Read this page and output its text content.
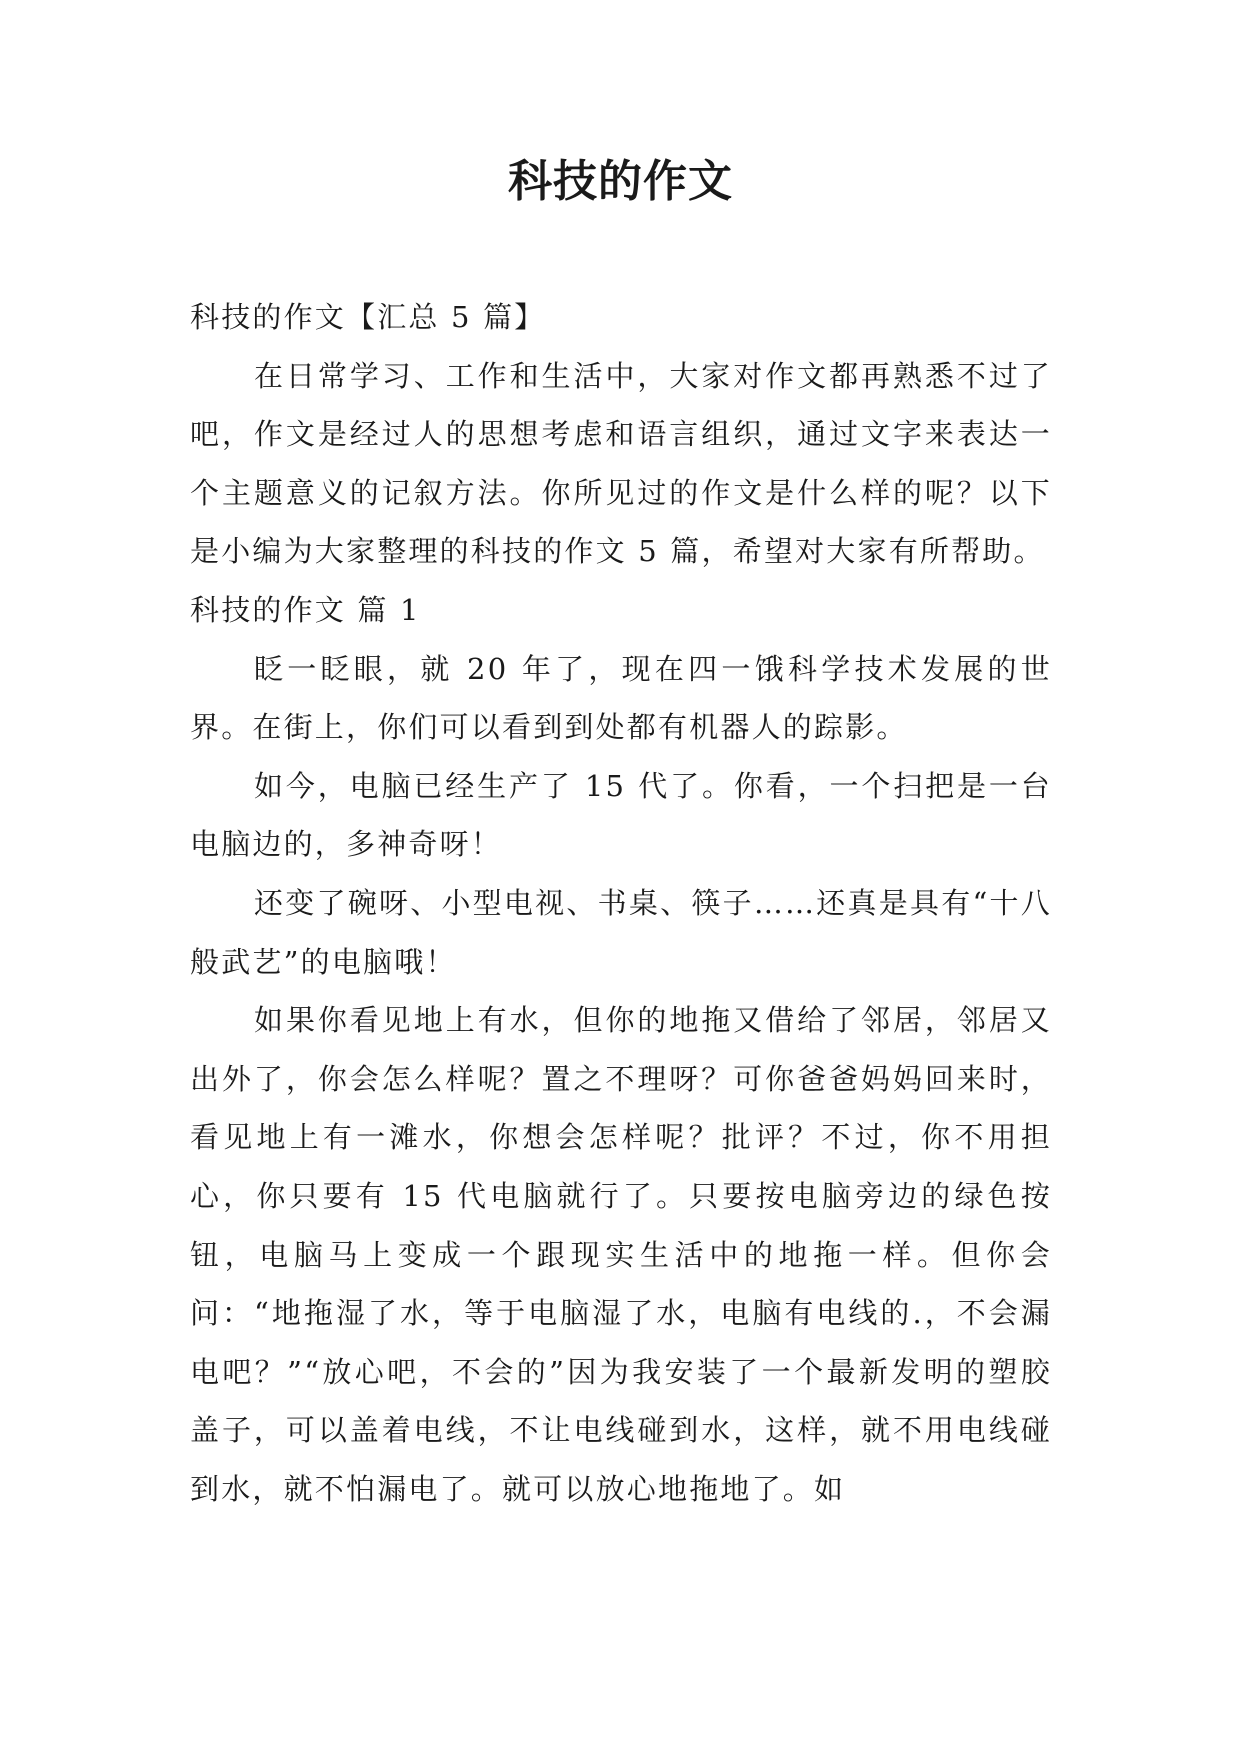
科技的作文

科技的作文【汇总 5 篇】

在日常学习、工作和生活中，大家对作文都再熟悉不过了吧，作文是经过人的思想考虑和语言组织，通过文字来表达一个主题意义的记叙方法。你所见过的作文是什么样的呢？以下是小编为大家整理的科技的作文 5 篇，希望对大家有所帮助。

科技的作文 篇 1

眨一眨眼，就 20 年了，现在四一饿科学技术发展的世界。在街上，你们可以看到到处都有机器人的踪影。

如今，电脑已经生产了 15 代了。你看，一个扫把是一台电脑边的，多神奇呀！

还变了碗呀、小型电视、书桌、筷子……还真是具有“十八般武艺”的电脑哦！

如果你看见地上有水，但你的地拖又借给了邻居，邻居又出外了，你会怎么样呢？置之不理呀？可你爸爸妈妈回来时，看见地上有一滩水，你想会怎样呢？批评？不过，你不用担心，你只要有 15 代电脑就行了。只要按电脑旁边的绿色按钮，电脑马上变成一个跟现实生活中的地拖一样。但你会问：“地拖湿了水，等于电脑湿了水，电脑有电线的.，不会漏电吧？”“放心吧，不会的”因为我安装了一个最新发明的塑胶盖子，可以盖着电线，不让电线碰到水，这样，就不用电线碰到水，就不怕漏电了。就可以放心地拖地了。如
